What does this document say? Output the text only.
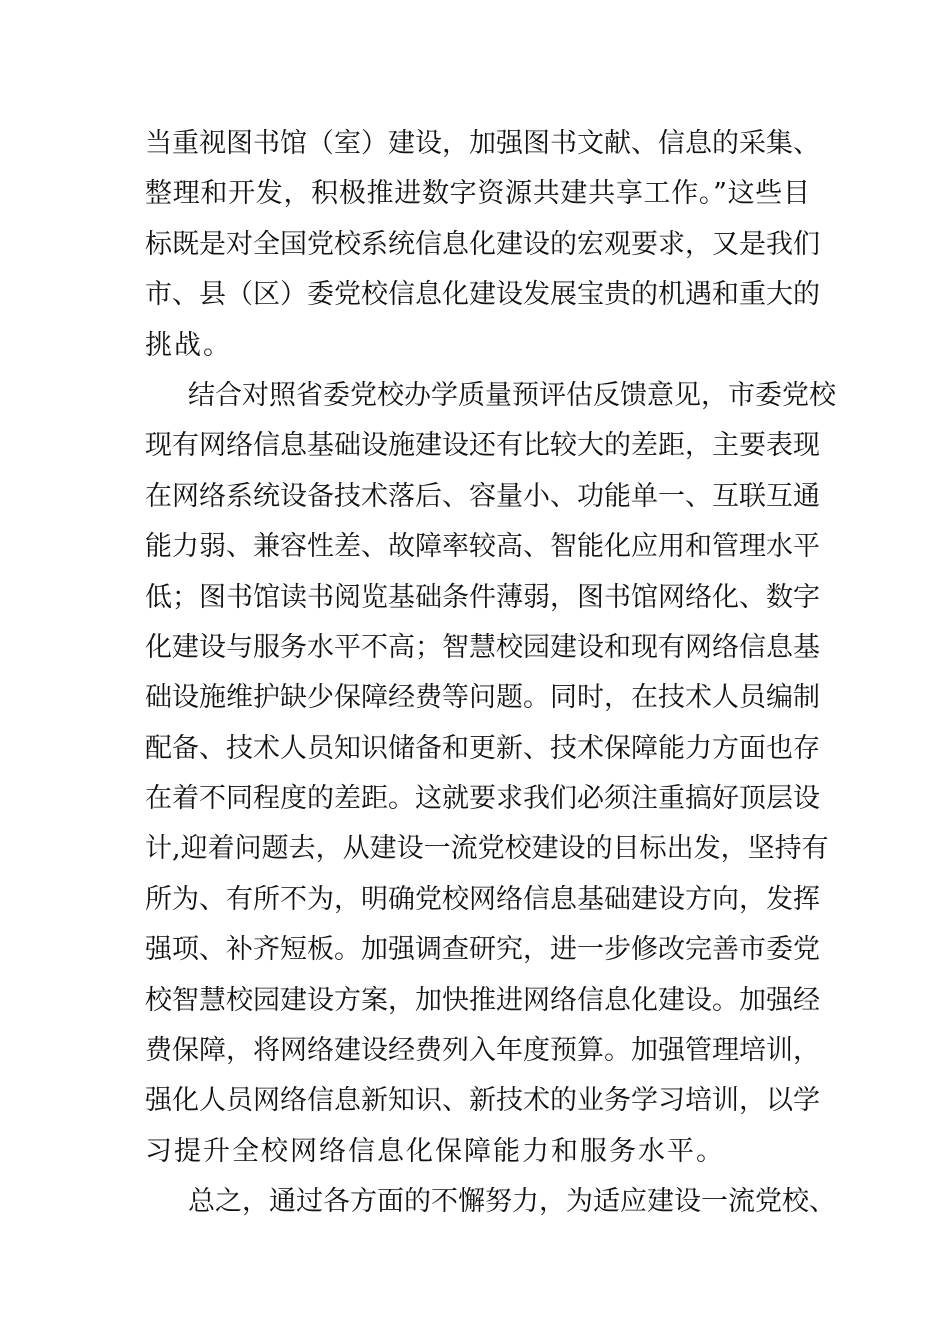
当重视图书馆（室）建设，加强图书文献、信息的采集、
整理和开发，积极推进数字资源共建共享工作。”这些目
标既是对全国党校系统信息化建设的宏观要求，又是我们
市、县（区）委党校信息化建设发展宝贵的机遇和重大的
挑战。
结合对照省委党校办学质量预评估反馈意见，市委党校
现有网络信息基础设施建设还有比较大的差距，主要表现
在网络系统设备技术落后、容量小、功能单一、互联互通
能力弱、兼容性差、故障率较高、智能化应用和管理水平
低；图书馆读书阅览基础条件薄弱，图书馆网络化、数字
化建设与服务水平不高；智慧校园建设和现有网络信息基
础设施维护缺少保障经费等问题。同时，在技术人员编制
配备、技术人员知识储备和更新、技术保障能力方面也存
在着不同程度的差距。这就要求我们必须注重搞好顶层设
计,迎着问题去，从建设一流党校建设的目标出发，坚持有
所为、有所不为，明确党校网络信息基础建设方向，发挥
强项、补齐短板。加强调查研究，进一步修改完善市委党
校智慧校园建设方案，加快推进网络信息化建设。加强经
费保障，将网络建设经费列入年度预算。加强管理培训，
强化人员网络信息新知识、新技术的业务学习培训，以学
习提升全校网络信息化保障能力和服务水平。
总之，通过各方面的不懈努力，为适应建设一流党校、
